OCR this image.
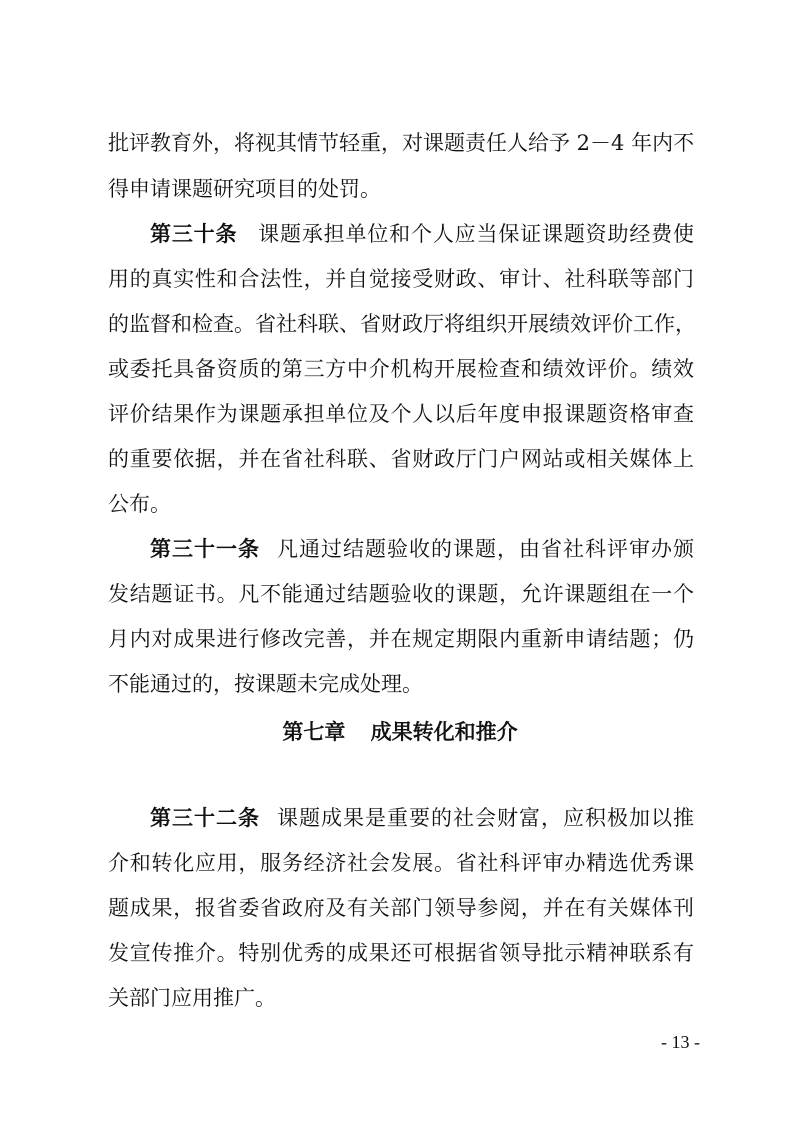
批评教育外，将视其情节轻重，对课题责任人给予 2－4 年内不
得申请课题研究项目的处罚。
第三十条 课题承担单位和个人应当保证课题资助经费使
用的真实性和合法性，并自觉接受财政、审计、社科联等部门
的监督和检查。省社科联、省财政厅将组织开展绩效评价工作，
或委托具备资质的第三方中介机构开展检查和绩效评价。绩效
评价结果作为课题承担单位及个人以后年度申报课题资格审查
的重要依据，并在省社科联、省财政厅门户网站或相关媒体上
公布。
第三十一条 凡通过结题验收的课题，由省社科评审办颁
发结题证书。凡不能通过结题验收的课题，允许课题组在一个
月内对成果进行修改完善，并在规定期限内重新申请结题；仍
不能通过的，按课题未完成处理。
第七章 成果转化和推介
第三十二条 课题成果是重要的社会财富，应积极加以推
介和转化应用，服务经济社会发展。省社科评审办精选优秀课
题成果，报省委省政府及有关部门领导参阅，并在有关媒体刊
发宣传推介。特别优秀的成果还可根据省领导批示精神联系有
关部门应用推广。
- 13 -
